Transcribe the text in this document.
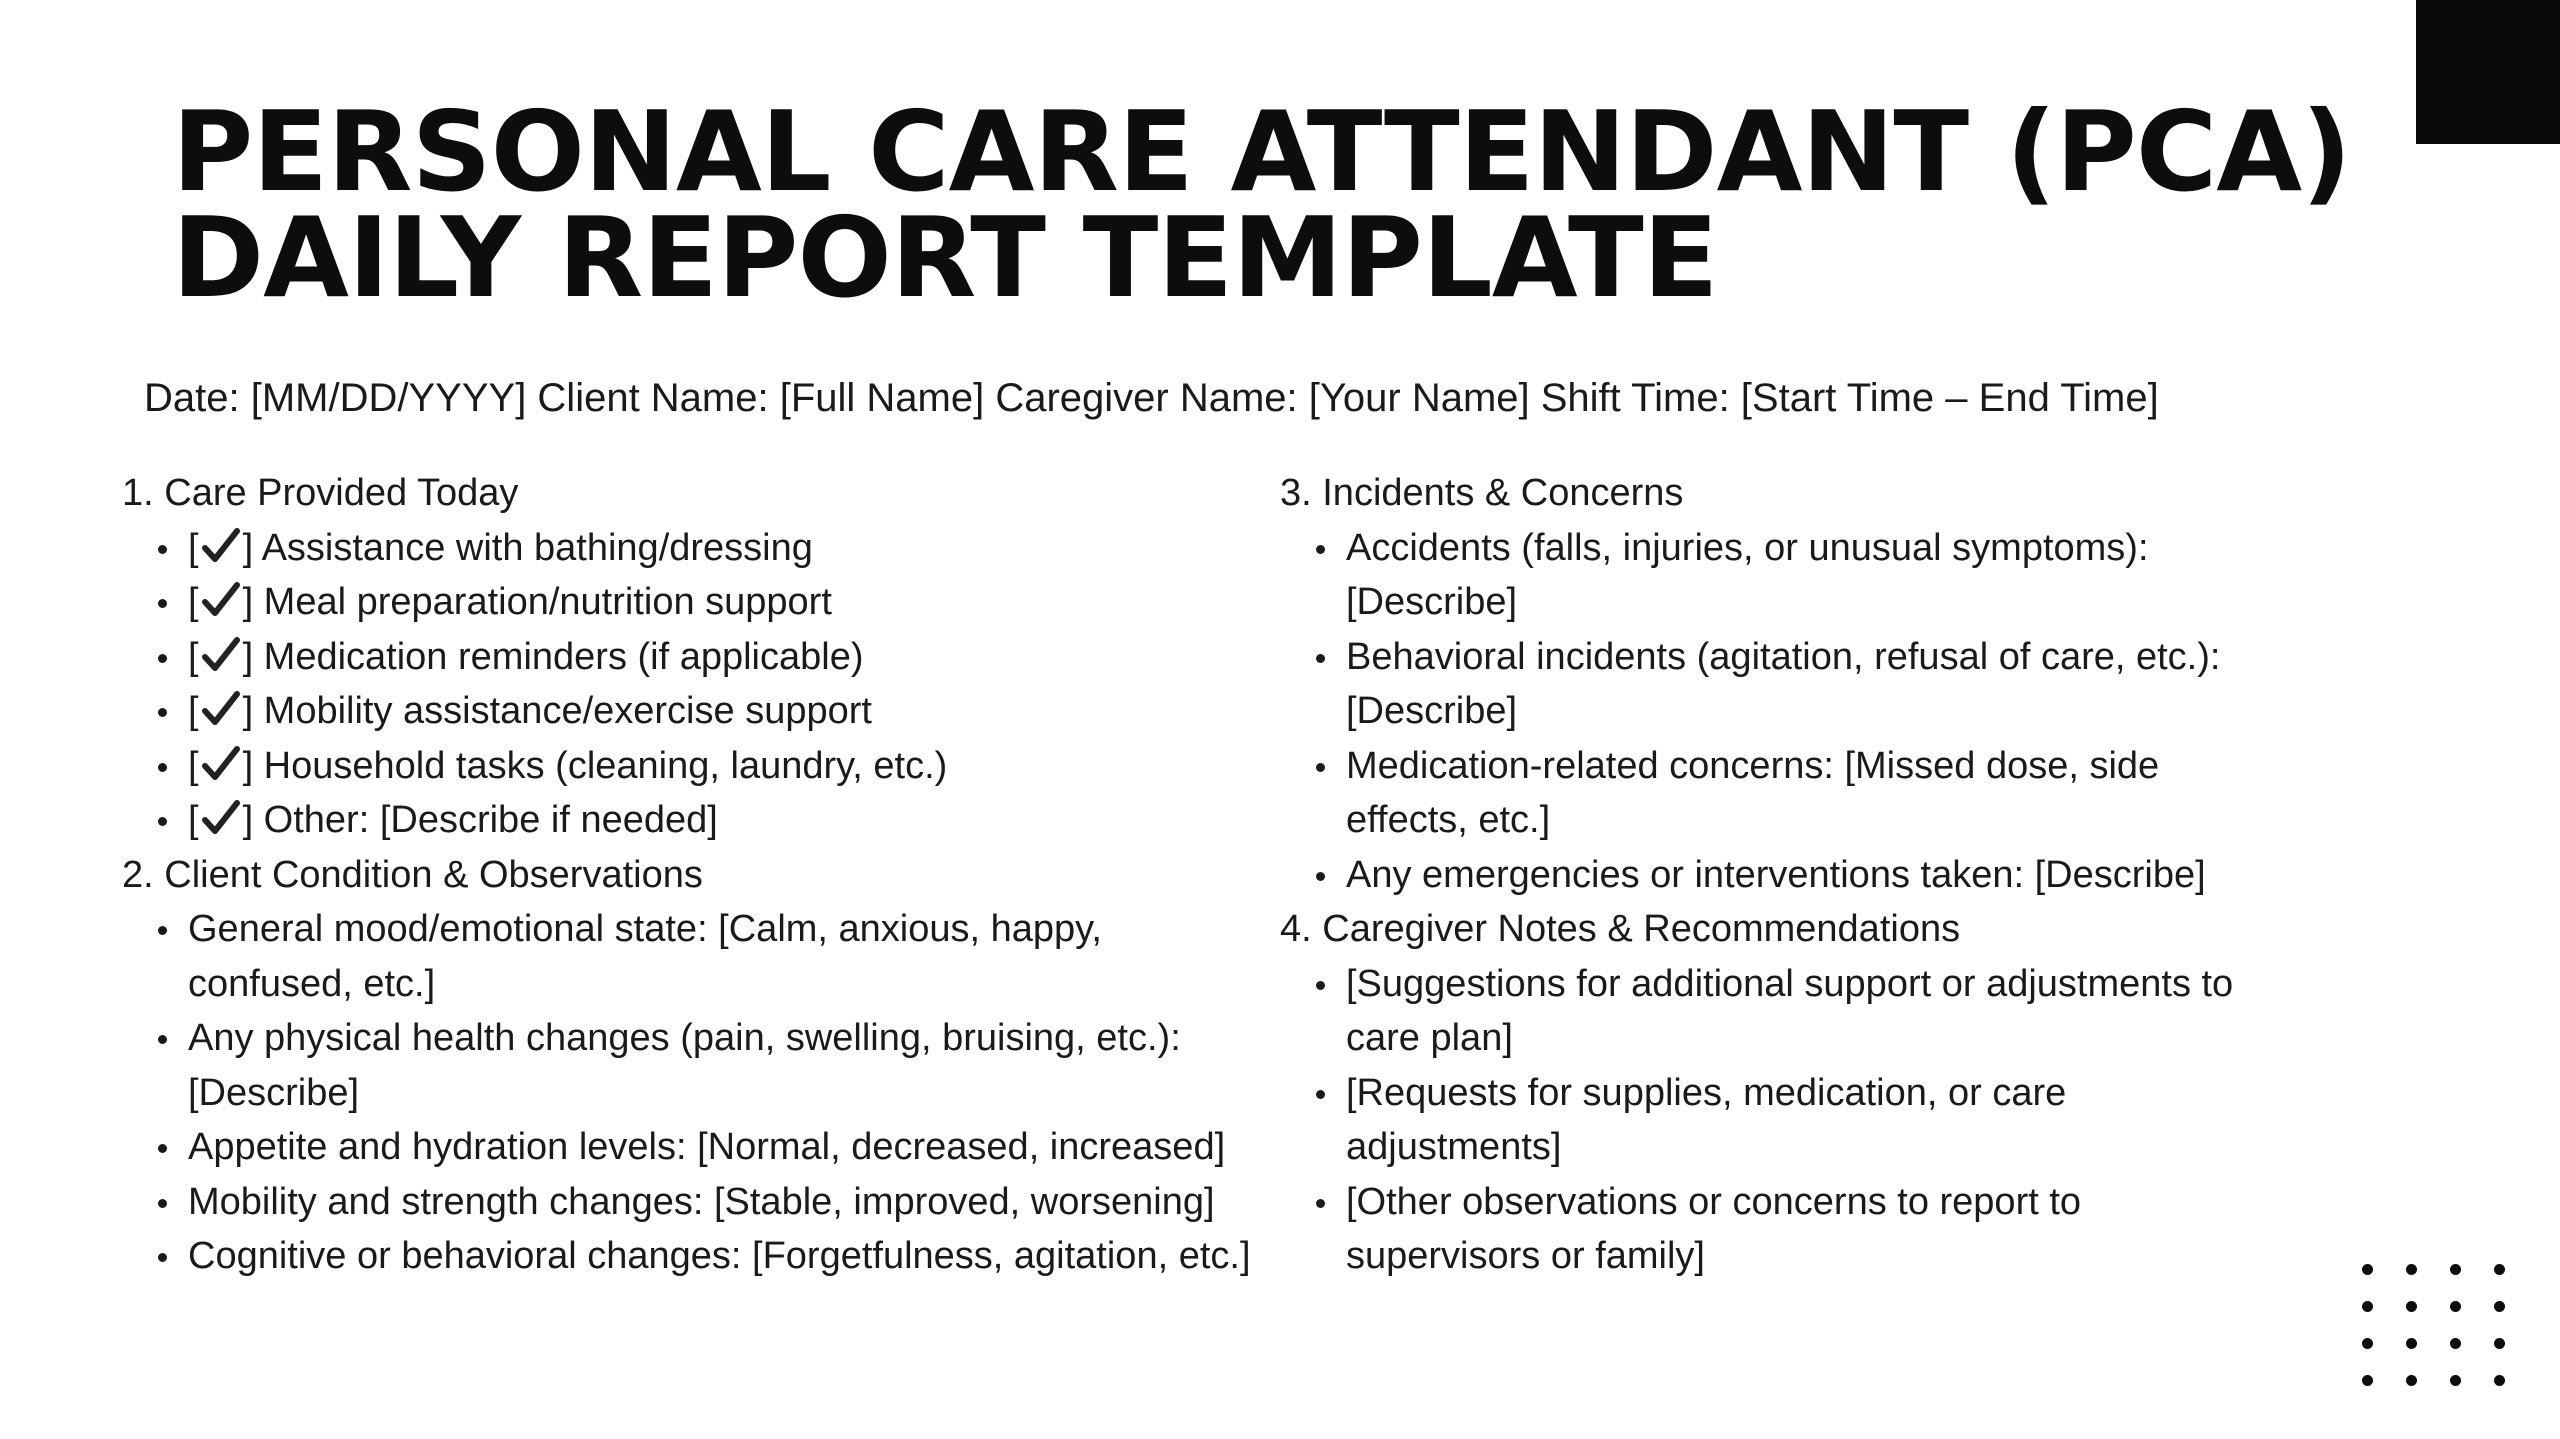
PERSONAL CARE ATTENDANT (PCA)
DAILY REPORT TEMPLATE

Date: [MM/DD/YYYY] Client Name: [Full Name] Caregiver Name: [Your Name] Shift Time: [Start Time – End Time]

1. Care Provided Today

[ ] Assistance with bathing/dressing
[ ] Meal preparation/nutrition support
[ ] Medication reminders (if applicable)
[ ] Mobility assistance/exercise support
[ ] Household tasks (cleaning, laundry, etc.)
[ ] Other: [Describe if needed]

2. Client Condition & Observations

General mood/emotional state: [Calm, anxious, happy, confused, etc.]
Any physical health changes (pain, swelling, bruising, etc.): [Describe]
Appetite and hydration levels: [Normal, decreased, increased]
Mobility and strength changes: [Stable, improved, worsening]
Cognitive or behavioral changes: [Forgetfulness, agitation, etc.]

3. Incidents & Concerns

Accidents (falls, injuries, or unusual symptoms): [Describe]
Behavioral incidents (agitation, refusal of care, etc.): [Describe]
Medication-related concerns: [Missed dose, side effects, etc.]
Any emergencies or interventions taken: [Describe]

4. Caregiver Notes & Recommendations

[Suggestions for additional support or adjustments to care plan]
[Requests for supplies, medication, or care adjustments]
[Other observations or concerns to report to supervisors or family]
